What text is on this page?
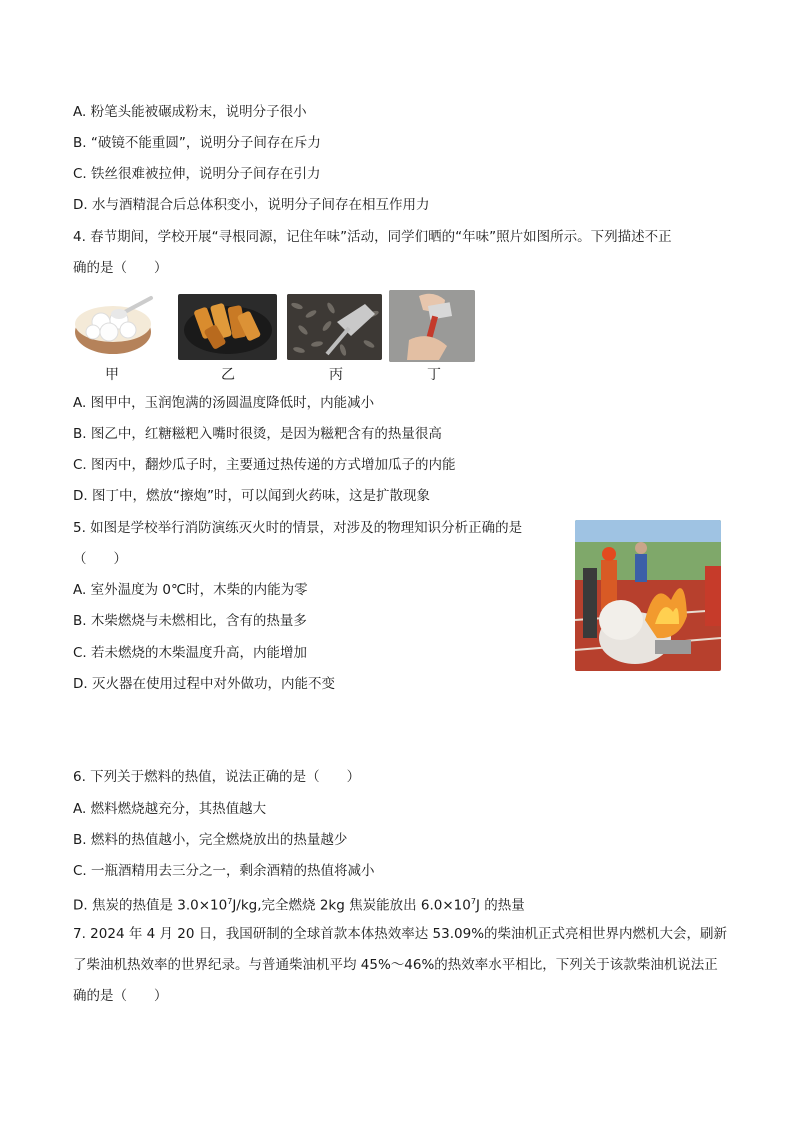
A. 粉笔头能被碾成粉末，说明分子很小
B. “破镜不能重圆”，说明分子间存在斥力
C. 铁丝很难被拉伸，说明分子间存在引力
D. 水与酒精混合后总体积变小，说明分子间存在相互作用力
4. 春节期间，学校开展“寻根同源，记住年味”活动，同学们晒的“年味”照片如图所示。下列描述不正
确的是（　　）
甲	乙	丙	丁
A. 图甲中，玉润饱满的汤圆温度降低时，内能减小
B. 图乙中，红糖糍粑入嘴时很烫，是因为糍粑含有的热量很高
C. 图丙中，翻炒瓜子时，主要通过热传递的方式增加瓜子的内能
D. 图丁中，燃放“擦炮”时，可以闻到火药味，这是扩散现象
5. 如图是学校举行消防演练灭火时的情景，对涉及的物理知识分析正确的是
（　　）
A. 室外温度为 0℃时，木柴的内能为零
B. 木柴燃烧与未燃相比，含有的热量多
C. 若未燃烧的木柴温度升高，内能增加
D. 灭火器在使用过程中对外做功，内能不变
6. 下列关于燃料的热值，说法正确的是（　　）
A. 燃料燃烧越充分，其热值越大
B. 燃料的热值越小，完全燃烧放出的热量越少
C. 一瓶酒精用去三分之一，剩余酒精的热值将减小
D. 焦炭的热值是 $3.0\times 10^7J/kg$,完全燃烧 2kg 焦炭能放出 $6.0\times 10^7J$ 的热量
7. 2024 年 4 月 20 日，我国研制的全球首款本体热效率达 53.09%的柴油机正式亮相世界内燃机大会，刷新
了柴油机热效率的世界纪录。与普通柴油机平均 45%～46%的热效率水平相比，下列关于该款柴油机说法正
确的是（　　）
